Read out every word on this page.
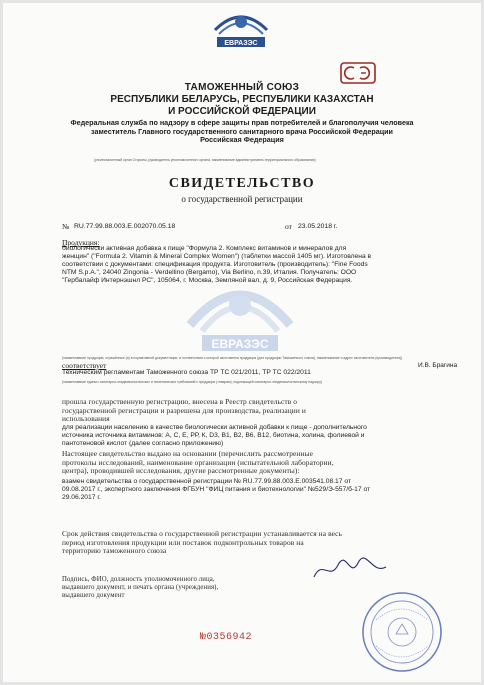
ЕВРАЗЭС
ТАМОЖЕННЫЙ СОЮЗ
РЕСПУБЛИКИ БЕЛАРУСЬ, РЕСПУБЛИКИ КАЗАХСТАН
И РОССИЙСКОЙ ФЕДЕРАЦИИ
Федеральная служба по надзору в сфере защиты прав потребителей и благополучия человека
заместитель Главного государственного санитарного врача Российской Федерации
Российская Федерация
(уполномоченный орган Стороны, руководитель уполномоченного органа, наименование административно-территориального образования)
СВИДЕТЕЛЬСТВО
о государственной регистрации
№ RU.77.99.88.003.E.002070.05.18	от 23.05.2018 г.
Продукция:
биологически активная добавка к пище "Формула 2. Комплекс витаминов и минералов для
женщин" ("Formula 2. Vitamin & Mineral Complex Women") (таблетки массой 1405 мг). Изготовлена в
соответствии с документами: спецификация продукта. Изготовитель (производитель): "Fine Foods
NTM S.p.A.", 24040 Zingonia - Verdellino (Bergamo), Via Berlino, n.39, Италия. Получатель: ООО
"Гербалайф Интернэшнл РС", 105064, г. Москва, Земляной вал, д. 9, Российская Федерация.
ЕВРАЗЭС
(наименование продукции, отражённые (а) в нормативной документации, в соответствии с которой изготовлена продукция (для продукции Таможенного союза), наименование и адрес изготовителя (производителя))
соответствует
Техническим регламентам Таможенного союза ТР ТС 021/2011, ТР ТС 022/2011
(наименование единых санитарно-эпидемиологических и гигиенических требований к продукции (товарам), подлежащей санитарно-эпидемиологическому надзору)
прошла государственную регистрацию, внесена в Реестр свидетельств о
государственной регистрации и разрешена для производства, реализации и
использования
для реализации населению в качестве биологически активной добавки к пище - дополнительного
источника источника витаминов: А, С, Е, РР, К, D3, В1, В2, В6, В12, биотина, холина, фолиевой и
пантотеновой кислот (далее согласно приложению)
Настоящее свидетельство выдано на основании (перечислить рассмотренные
протоколы исследований, наименование организации (испытательной лаборатории,
центра), проводившей исследования, другие рассмотренные документы):
взамен свидетельства о государственной регистрации № RU.77.99.88.003.E.003541.08.17 от
09.08.2017 г., экспертного заключения ФГБУН "ФИЦ питания и биотехнологии" №529/Э-557/б-17 от
29.06.2017 г.
Срок действия свидетельства о государственной регистрации устанавливается на весь
период изготовления продукции или поставок подконтрольных товаров на
территорию таможенного союза
Подпись, ФИО, должность уполномоченного лица,
выдавшего документ, и печать органа (учреждения),
выдавшего документ
И.В. Брагина
№0356942
